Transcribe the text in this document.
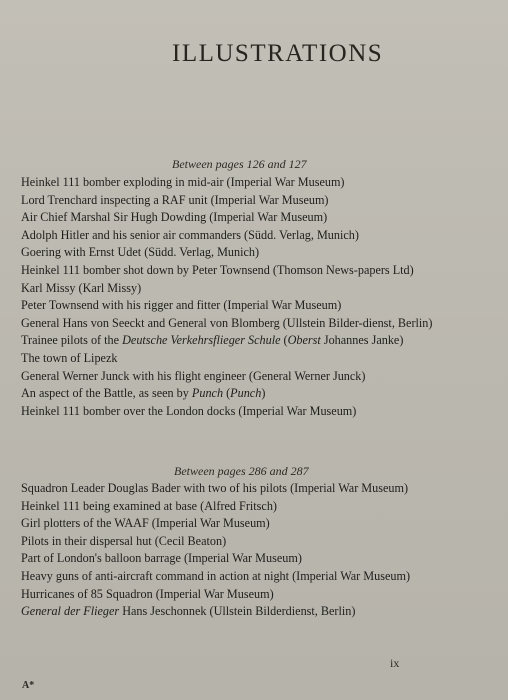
ILLUSTRATIONS
Between pages 126 and 127
Heinkel 111 bomber exploding in mid-air (Imperial War Museum)
Lord Trenchard inspecting a RAF unit (Imperial War Museum)
Air Chief Marshal Sir Hugh Dowding (Imperial War Museum)
Adolph Hitler and his senior air commanders (Südd. Verlag, Munich)
Goering with Ernst Udet (Südd. Verlag, Munich)
Heinkel 111 bomber shot down by Peter Townsend (Thomson News-papers Ltd)
Karl Missy (Karl Missy)
Peter Townsend with his rigger and fitter (Imperial War Museum)
General Hans von Seeckt and General von Blomberg (Ullstein Bilder-dienst, Berlin)
Trainee pilots of the Deutsche Verkehrsflieger Schule (Oberst Johannes Janke)
The town of Lipezk
General Werner Junck with his flight engineer (General Werner Junck)
An aspect of the Battle, as seen by Punch (Punch)
Heinkel 111 bomber over the London docks (Imperial War Museum)
Between pages 286 and 287
Squadron Leader Douglas Bader with two of his pilots (Imperial War Museum)
Heinkel 111 being examined at base (Alfred Fritsch)
Girl plotters of the WAAF (Imperial War Museum)
Pilots in their dispersal hut (Cecil Beaton)
Part of London's balloon barrage (Imperial War Museum)
Heavy guns of anti-aircraft command in action at night (Imperial War Museum)
Hurricanes of 85 Squadron (Imperial War Museum)
General der Flieger Hans Jeschonnek (Ullstein Bilderdienst, Berlin)
ix
A*
